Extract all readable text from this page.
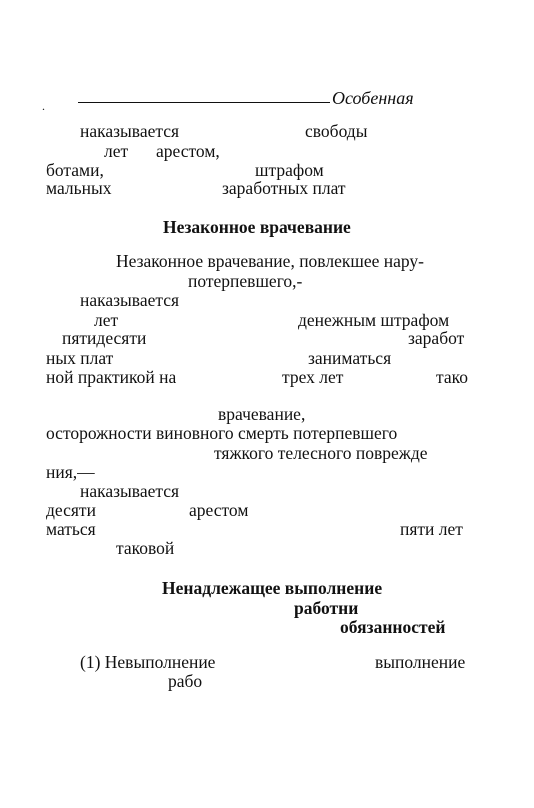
.	Особенная
наказывается	свободы
лет арестом,
ботами,	штрафом
мальных	заработных плат
Незаконное врачевание
Незаконное врачевание, повлекшее нару-
потерпевшего,-
наказывается
лет	денежным штрафом
пятидесяти	заработ
ных плат	заниматься
ной практикой на	трех лет	тако
врачевание,
осторожности виновного смерть потерпевшего
тяжкого телесного поврежде
ния,—
наказывается
десяти	арестом
маться	пяти лет
таковой
Ненадлежащее выполнение
работни
обязанностей
(1) Невыполнение	выполнение
рабо
